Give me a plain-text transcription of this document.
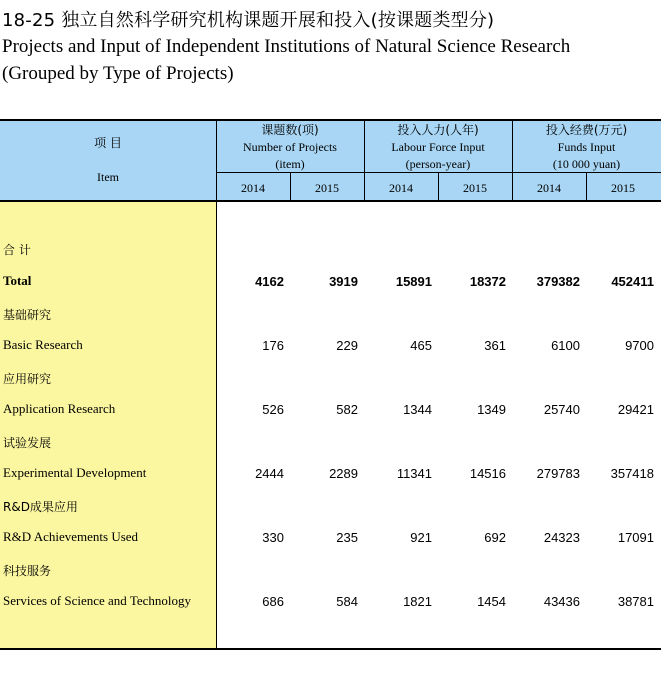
18-25 独立自然科学研究机构课题开展和投入(按课题类型分)
Projects and Input of Independent Institutions of Natural Science Research
(Grouped by Type of Projects)
项 目
Item
课题数(项)
Number of Projects
(item)
投入人力(人年)
Labour Force Input
(person-year)
投入经费(万元)
Funds Input
(10 000 yuan)
2014	2015	2014	2015	2014	2015
合 计
Total	4162	3919	15891	18372	379382	452411
基础研究
Basic Research	176	229	465	361	6100	9700
应用研究
Application Research	526	582	1344	1349	25740	29421
试验发展
Experimental Development	2444	2289	11341	14516	279783	357418
R&D成果应用
R&D Achievements Used	330	235	921	692	24323	17091
科技服务
Services of Science and Technology	686	584	1821	1454	43436	38781
